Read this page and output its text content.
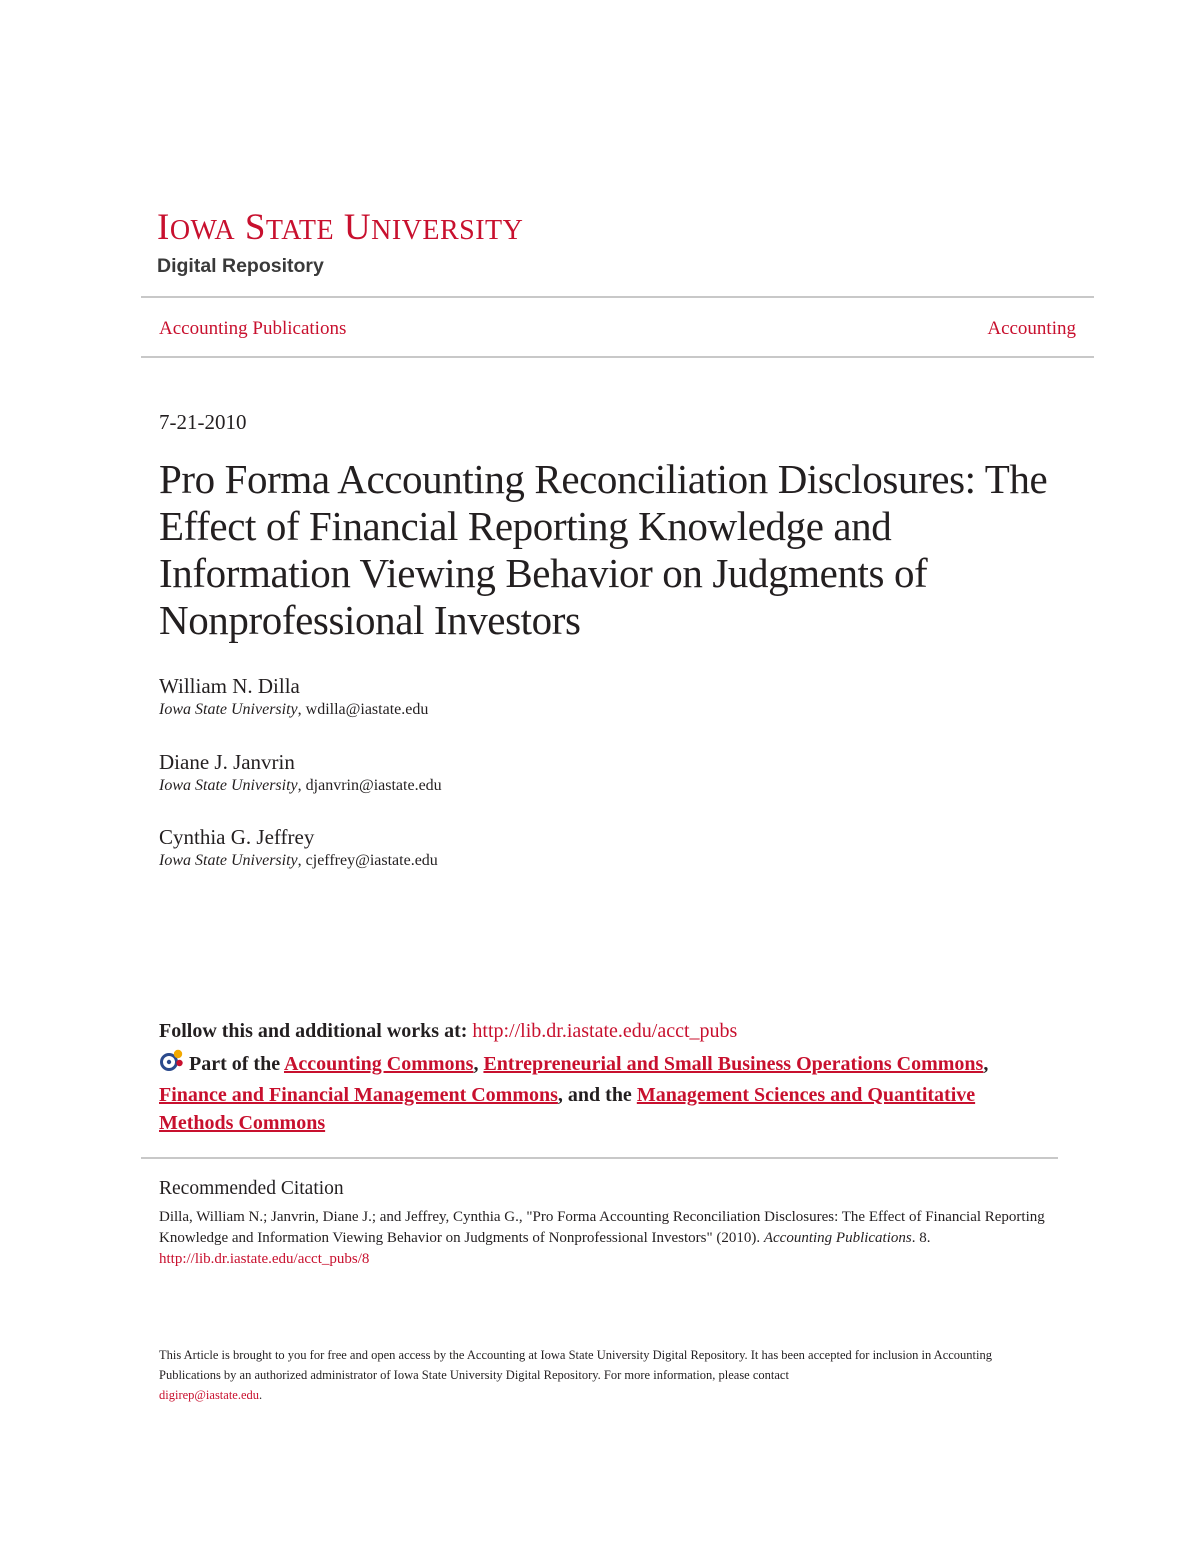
IOWA STATE UNIVERSITY
Digital Repository
Accounting Publications	Accounting
7-21-2010
Pro Forma Accounting Reconciliation Disclosures: The Effect of Financial Reporting Knowledge and Information Viewing Behavior on Judgments of Nonprofessional Investors
William N. Dilla
Iowa State University, wdilla@iastate.edu
Diane J. Janvrin
Iowa State University, djanvrin@iastate.edu
Cynthia G. Jeffrey
Iowa State University, cjeffrey@iastate.edu
Follow this and additional works at: http://lib.dr.iastate.edu/acct_pubs
Part of the Accounting Commons, Entrepreneurial and Small Business Operations Commons, Finance and Financial Management Commons, and the Management Sciences and Quantitative Methods Commons
Recommended Citation
Dilla, William N.; Janvrin, Diane J.; and Jeffrey, Cynthia G., "Pro Forma Accounting Reconciliation Disclosures: The Effect of Financial Reporting Knowledge and Information Viewing Behavior on Judgments of Nonprofessional Investors" (2010). Accounting Publications. 8.
http://lib.dr.iastate.edu/acct_pubs/8
This Article is brought to you for free and open access by the Accounting at Iowa State University Digital Repository. It has been accepted for inclusion in Accounting Publications by an authorized administrator of Iowa State University Digital Repository. For more information, please contact
digirep@iastate.edu.
